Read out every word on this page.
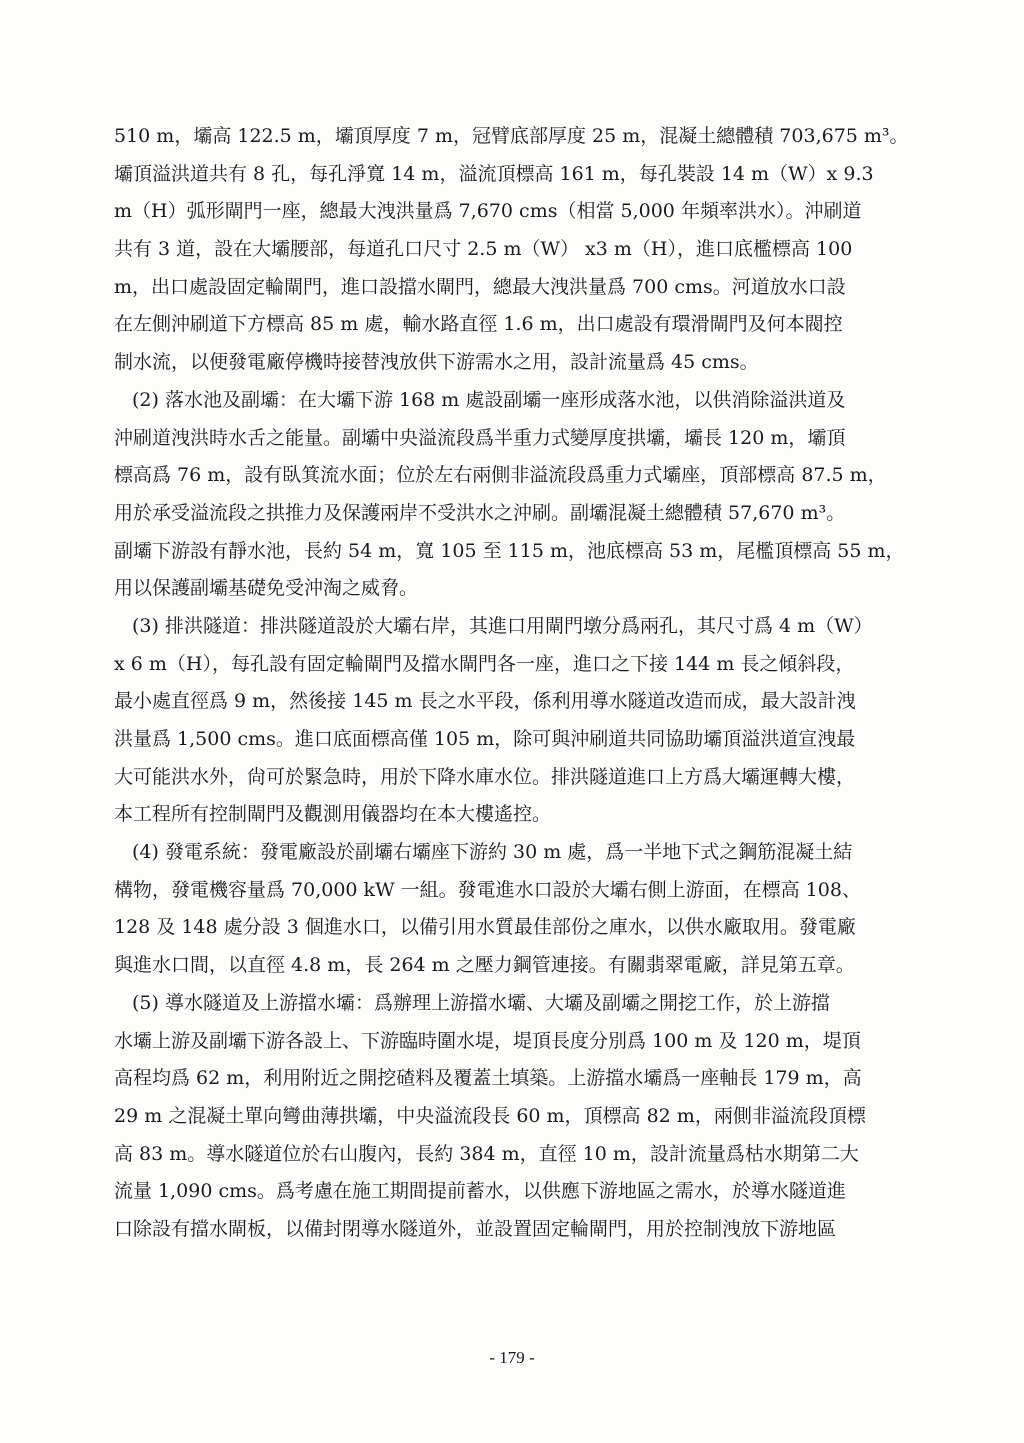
510 m，壩高 122.5 m，壩頂厚度 7 m，冠臂底部厚度 25 m，混凝土總體積 703,675 m³。
壩頂溢洪道共有 8 孔，每孔淨寬 14 m，溢流頂標高 161 m，每孔裝設 14 m（W）x 9.3
m（H）弧形閘門一座，總最大洩洪量爲 7,670 cms（相當 5,000 年頻率洪水）。沖刷道
共有 3 道，設在大壩腰部，每道孔口尺寸 2.5 m（W） x3 m（H），進口底檻標高 100
m，出口處設固定輪閘門，進口設擋水閘門，總最大洩洪量爲 700 cms。河道放水口設
在左側沖刷道下方標高 85 m 處，輸水路直徑 1.6 m，出口處設有環滑閘門及何本閥控
制水流，以便發電廠停機時接替洩放供下游需水之用，設計流量爲 45 cms。
(2) 落水池及副壩：在大壩下游 168 m 處設副壩一座形成落水池，以供消除溢洪道及
沖刷道洩洪時水舌之能量。副壩中央溢流段爲半重力式變厚度拱壩，壩長 120 m，壩頂
標高爲 76 m，設有臥箕流水面；位於左右兩側非溢流段爲重力式壩座，頂部標高 87.5 m，
用於承受溢流段之拱推力及保護兩岸不受洪水之沖刷。副壩混凝土總體積 57,670 m³。
副壩下游設有靜水池，長約 54 m，寬 105 至 115 m，池底標高 53 m，尾檻頂標高 55 m，
用以保護副壩基礎免受沖淘之威脅。
(3) 排洪隧道：排洪隧道設於大壩右岸，其進口用閘門墩分爲兩孔，其尺寸爲 4 m（W）
x 6 m（H），每孔設有固定輪閘門及擋水閘門各一座，進口之下接 144 m 長之傾斜段，
最小處直徑爲 9 m，然後接 145 m 長之水平段，係利用導水隧道改造而成，最大設計洩
洪量爲 1,500 cms。進口底面標高僅 105 m，除可與沖刷道共同協助壩頂溢洪道宣洩最
大可能洪水外，尙可於緊急時，用於下降水庫水位。排洪隧道進口上方爲大壩運轉大樓，
本工程所有控制閘門及觀測用儀器均在本大樓遙控。
(4) 發電系統：發電廠設於副壩右壩座下游約 30 m 處，爲一半地下式之鋼筋混凝土結
構物，發電機容量爲 70,000 kW 一組。發電進水口設於大壩右側上游面，在標高 108、
128 及 148 處分設 3 個進水口，以備引用水質最佳部份之庫水，以供水廠取用。發電廠
與進水口間，以直徑 4.8 m，長 264 m 之壓力鋼管連接。有關翡翠電廠，詳見第五章。
(5) 導水隧道及上游擋水壩：爲辦理上游擋水壩、大壩及副壩之開挖工作，於上游擋
水壩上游及副壩下游各設上、下游臨時圍水堤，堤頂長度分別爲 100 m 及 120 m，堤頂
高程均爲 62 m，利用附近之開挖碴料及覆蓋土填築。上游擋水壩爲一座軸長 179 m，高
29 m 之混凝土單向彎曲薄拱壩，中央溢流段長 60 m，頂標高 82 m，兩側非溢流段頂標
高 83 m。導水隧道位於右山腹內，長約 384 m，直徑 10 m，設計流量爲枯水期第二大
流量 1,090 cms。爲考慮在施工期間提前蓄水，以供應下游地區之需水，於導水隧道進
口除設有擋水閘板，以備封閉導水隧道外，並設置固定輪閘門，用於控制洩放下游地區
- 179 -
